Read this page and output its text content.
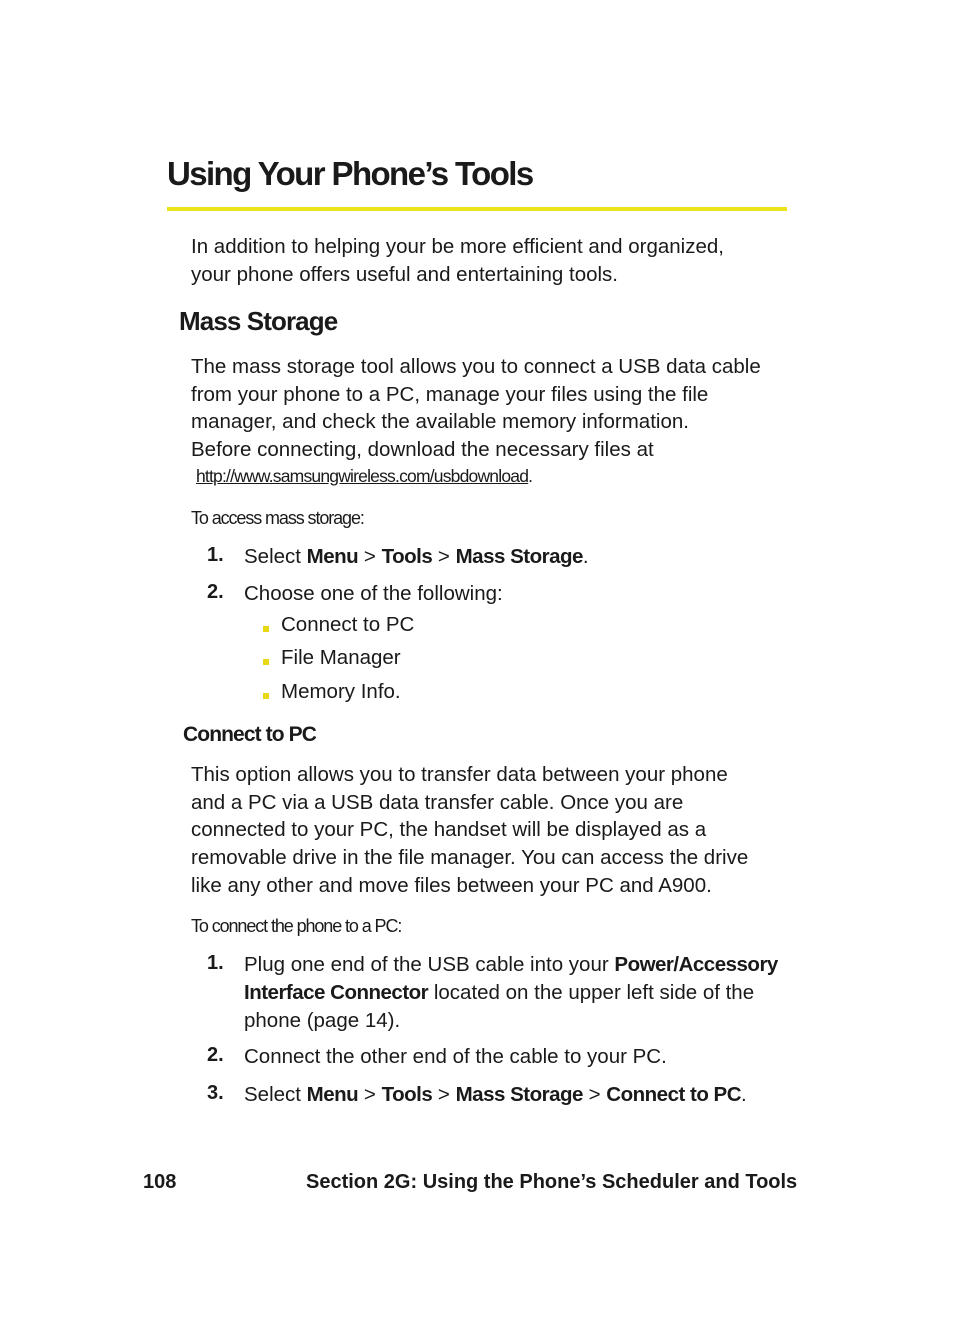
Using Your Phone’s Tools
In addition to helping your be more efficient and organized,
your phone offers useful and entertaining tools.
Mass Storage
The mass storage tool allows you to connect a USB data cable
from your phone to a PC, manage your files using the file
manager, and check the available memory information.
Before connecting, download the necessary files at
http://www.samsungwireless.com/usbdownload.
To access mass storage:
1. Select Menu > Tools > Mass Storage.
2. Choose one of the following:
Connect to PC
File Manager
Memory Info.
Connect to PC
This option allows you to transfer data between your phone
and a PC via a USB data transfer cable. Once you are
connected to your PC, the handset will be displayed as a
removable drive in the file manager. You can access the drive
like any other and move files between your PC and A900.
To connect the phone to a PC:
1. Plug one end of the USB cable into your Power/Accessory
Interface Connector located on the upper left side of the
phone (page 14).
2. Connect the other end of the cable to your PC.
3. Select Menu > Tools > Mass Storage > Connect to PC.
108	Section 2G: Using the Phone’s Scheduler and Tools
